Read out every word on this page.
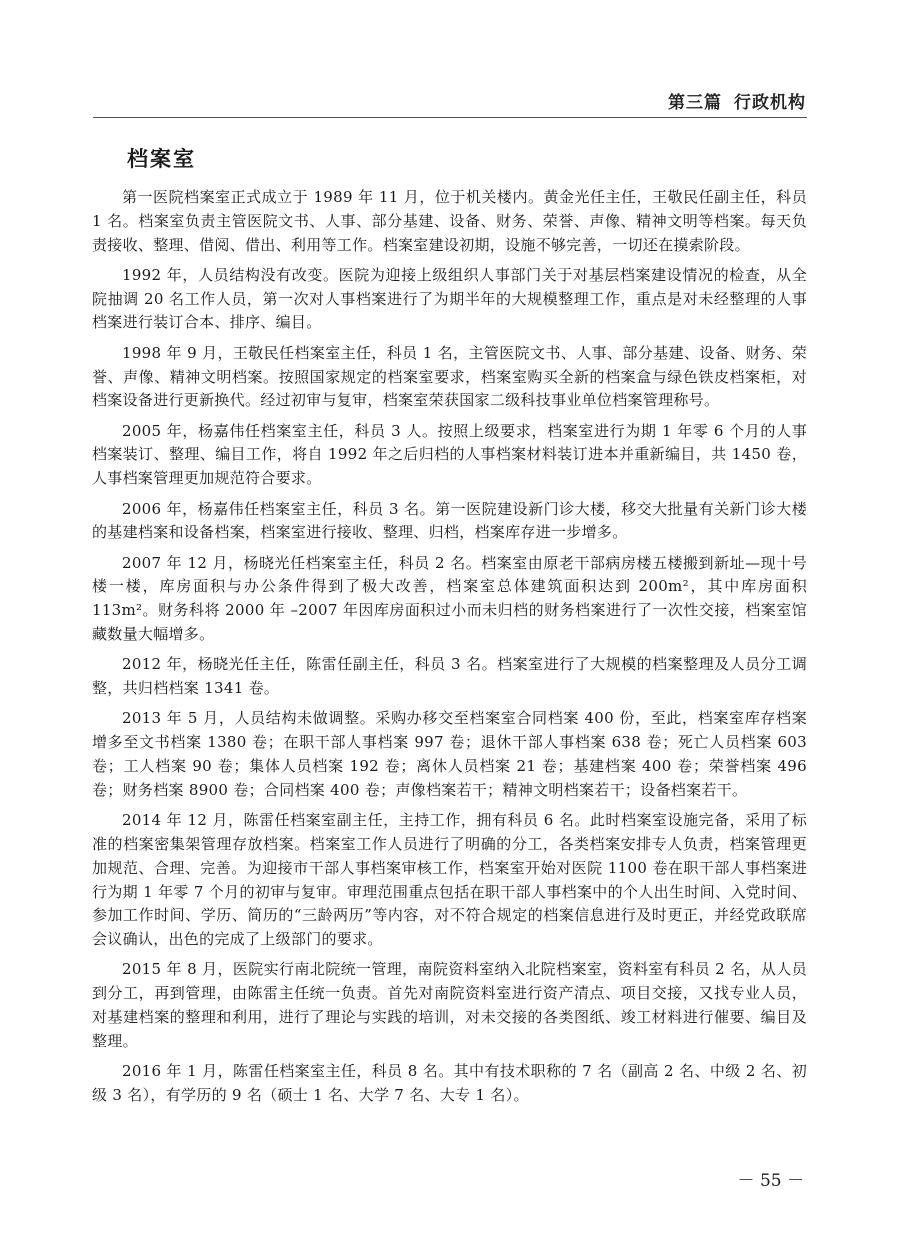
第三篇 行政机构
档案室

第一医院档案室正式成立于 1989 年 11 月，位于机关楼内。黄金光任主任，王敬民任副主任，科员 1 名。档案室负责主管医院文书、人事、部分基建、设备、财务、荣誉、声像、精神文明等档案。每天负责接收、整理、借阅、借出、利用等工作。档案室建设初期，设施不够完善，一切还在摸索阶段。

1992 年，人员结构没有改变。医院为迎接上级组织人事部门关于对基层档案建设情况的检查，从全院抽调 20 名工作人员，第一次对人事档案进行了为期半年的大规模整理工作，重点是对未经整理的人事档案进行装订合本、排序、编目。

1998 年 9 月，王敬民任档案室主任，科员 1 名，主管医院文书、人事、部分基建、设备、财务、荣誉、声像、精神文明档案。按照国家规定的档案室要求，档案室购买全新的档案盒与绿色铁皮档案柜，对档案设备进行更新换代。经过初审与复审，档案室荣获国家二级科技事业单位档案管理称号。

2005 年，杨嘉伟任档案室主任，科员 3 人。按照上级要求，档案室进行为期 1 年零 6 个月的人事档案装订、整理、编目工作，将自 1992 年之后归档的人事档案材料装订进本并重新编目，共 1450 卷，人事档案管理更加规范符合要求。

2006 年，杨嘉伟任档案室主任，科员 3 名。第一医院建设新门诊大楼，移交大批量有关新门诊大楼的基建档案和设备档案，档案室进行接收、整理、归档，档案库存进一步增多。

2007 年 12 月，杨晓光任档案室主任，科员 2 名。档案室由原老干部病房楼五楼搬到新址—现十号楼一楼，库房面积与办公条件得到了极大改善，档案室总体建筑面积达到 200m²，其中库房面积 113m²。财务科将 2000 年 –2007 年因库房面积过小而未归档的财务档案进行了一次性交接，档案室馆藏数量大幅增多。

2012 年，杨晓光任主任，陈雷任副主任，科员 3 名。档案室进行了大规模的档案整理及人员分工调整，共归档档案 1341 卷。

2013 年 5 月，人员结构未做调整。采购办移交至档案室合同档案 400 份，至此，档案室库存档案增多至文书档案 1380 卷；在职干部人事档案 997 卷；退休干部人事档案 638 卷；死亡人员档案 603 卷；工人档案 90 卷；集体人员档案 192 卷；离休人员档案 21 卷；基建档案 400 卷；荣誉档案 496 卷；财务档案 8900 卷；合同档案 400 卷；声像档案若干；精神文明档案若干；设备档案若干。

2014 年 12 月，陈雷任档案室副主任，主持工作，拥有科员 6 名。此时档案室设施完备，采用了标准的档案密集架管理存放档案。档案室工作人员进行了明确的分工，各类档案安排专人负责，档案管理更加规范、合理、完善。为迎接市干部人事档案审核工作，档案室开始对医院 1100 卷在职干部人事档案进行为期 1 年零 7 个月的初审与复审。审理范围重点包括在职干部人事档案中的个人出生时间、入党时间、参加工作时间、学历、简历的“三龄两历”等内容，对不符合规定的档案信息进行及时更正，并经党政联席会议确认，出色的完成了上级部门的要求。

2015 年 8 月，医院实行南北院统一管理，南院资料室纳入北院档案室，资料室有科员 2 名，从人员到分工，再到管理，由陈雷主任统一负责。首先对南院资料室进行资产清点、项目交接，又找专业人员，对基建档案的整理和利用，进行了理论与实践的培训，对未交接的各类图纸、竣工材料进行催要、编目及整理。

2016 年 1 月，陈雷任档案室主任，科员 8 名。其中有技术职称的 7 名（副高 2 名、中级 2 名、初级 3 名），有学历的 9 名（硕士 1 名、大学 7 名、大专 1 名）。

－ 55 －
